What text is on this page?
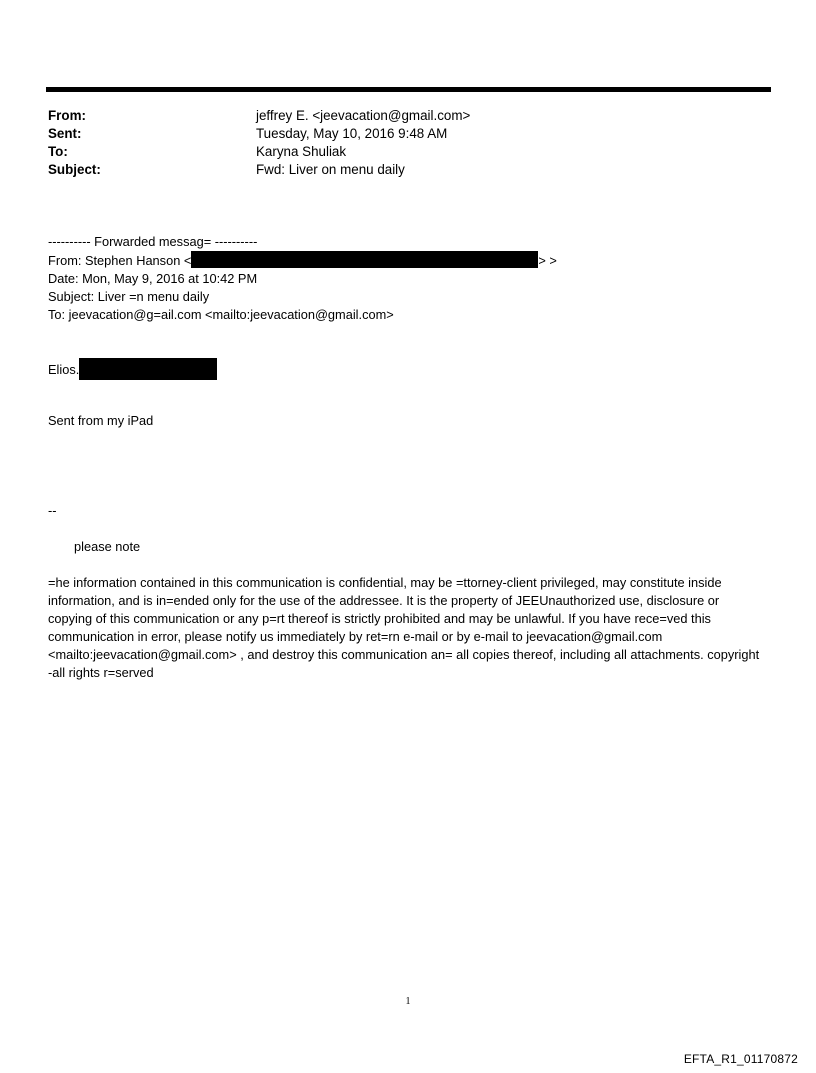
From:	jeffrey E. <jeevacation@gmail.com>
Sent:	Tuesday, May 10, 2016 9:48 AM
To:	Karyna Shuliak
Subject:	Fwd: Liver on menu daily
---------- Forwarded messag= ----------
From: Stephen Hanson <	> >
Date: Mon, May 9, 2016 at 10:42 PM
Subject: Liver =n menu daily
To: jeevacation@g=ail.com <mailto:jeevacation@gmail.com>
Elios.
Sent from my iPad
--
please note
=he information contained in this communication is confidential, may be =ttorney-client privileged, may constitute inside information, and is in=ended only for the use of the addressee. It is the property of JEEUnauthorized use, disclosure or copying of this communication or any p=rt thereof is strictly prohibited and may be unlawful. If you have rece=ved this communication in error, please notify us immediately by ret=rn e-mail or by e-mail to jeevacation@gmail.com <mailto:jeevacation@gmail.com> , and destroy this communication an= all copies thereof, including all attachments. copyright -all rights r=served
1
EFTA_R1_01170872
